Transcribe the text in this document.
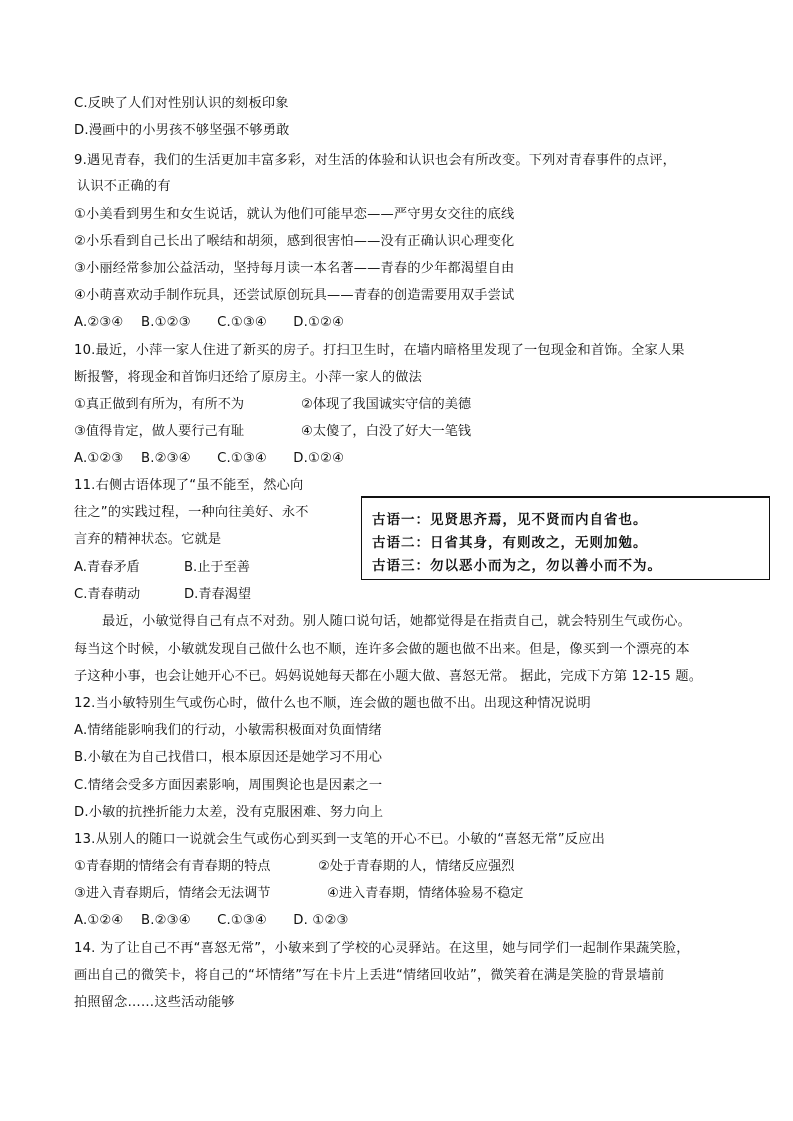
C.反映了人们对性别认识的刻板印象
D.漫画中的小男孩不够坚强不够勇敢
9.遇见青春，我们的生活更加丰富多彩，对生活的体验和认识也会有所改变。下列对青春事件的点评，
认识不正确的有
①小美看到男生和女生说话，就认为他们可能早恋——严守男女交往的底线
②小乐看到自己长出了喉结和胡须，感到很害怕——没有正确认识心理变化
③小丽经常参加公益活动，坚持每月读一本名著——青春的少年都渴望自由
④小萌喜欢动手制作玩具，还尝试原创玩具——青春的创造需要用双手尝试
A.②③④    B.①②③      C.①③④      D.①②④
10.最近，小萍一家人住进了新买的房子。打扫卫生时，在墙内暗格里发现了一包现金和首饰。全家人果
断报警，将现金和首饰归还给了原房主。小萍一家人的做法
①真正做到有所为，有所不为	②体现了我国诚实守信的美德
③值得肯定，做人要行己有耻	④太傻了，白没了好大一笔钱
A.①②③    B.②③④      C.①③④      D.①②④
11.右侧古语体现了“虽不能至，然心向
往之”的实践过程，一种向往美好、永不
言弃的精神状态。它就是
A.青春矛盾	B.止于至善
C.青春萌动	D.青春渴望
古语一：见贤思齐焉，见不贤而内自省也。
古语二：日省其身，有则改之，无则加勉。
古语三：勿以恶小而为之，勿以善小而不为。
最近，小敏觉得自己有点不对劲。别人随口说句话，她都觉得是在指责自己，就会特别生气或伤心。
每当这个时候，小敏就发现自己做什么也不顺，连许多会做的题也做不出来。但是，像买到一个漂亮的本
子这种小事，也会让她开心不已。妈妈说她每天都在小题大做、喜怒无常。 据此，完成下方第 12-15 题。
12.当小敏特别生气或伤心时，做什么也不顺，连会做的题也做不出。出现这种情况说明
A.情绪能影响我们的行动，小敏需积极面对负面情绪
B.小敏在为自己找借口，根本原因还是她学习不用心
C.情绪会受多方面因素影响，周围舆论也是因素之一
D.小敏的抗挫折能力太差，没有克服困难、努力向上
13.从别人的随口一说就会生气或伤心到买到一支笔的开心不已。小敏的“喜怒无常”反应出
①青春期的情绪会有青春期的特点	②处于青春期的人，情绪反应强烈
③进入青春期后，情绪会无法调节	④进入青春期，情绪体验易不稳定
A.①②④    B.②③④      C.①③④      D. ①②③
14. 为了让自己不再“喜怒无常”，小敏来到了学校的心灵驿站。在这里，她与同学们一起制作果蔬笑脸，
画出自己的微笑卡，将自己的“坏情绪”写在卡片上丢进“情绪回收站”，微笑着在满是笑脸的背景墙前
拍照留念……这些活动能够
